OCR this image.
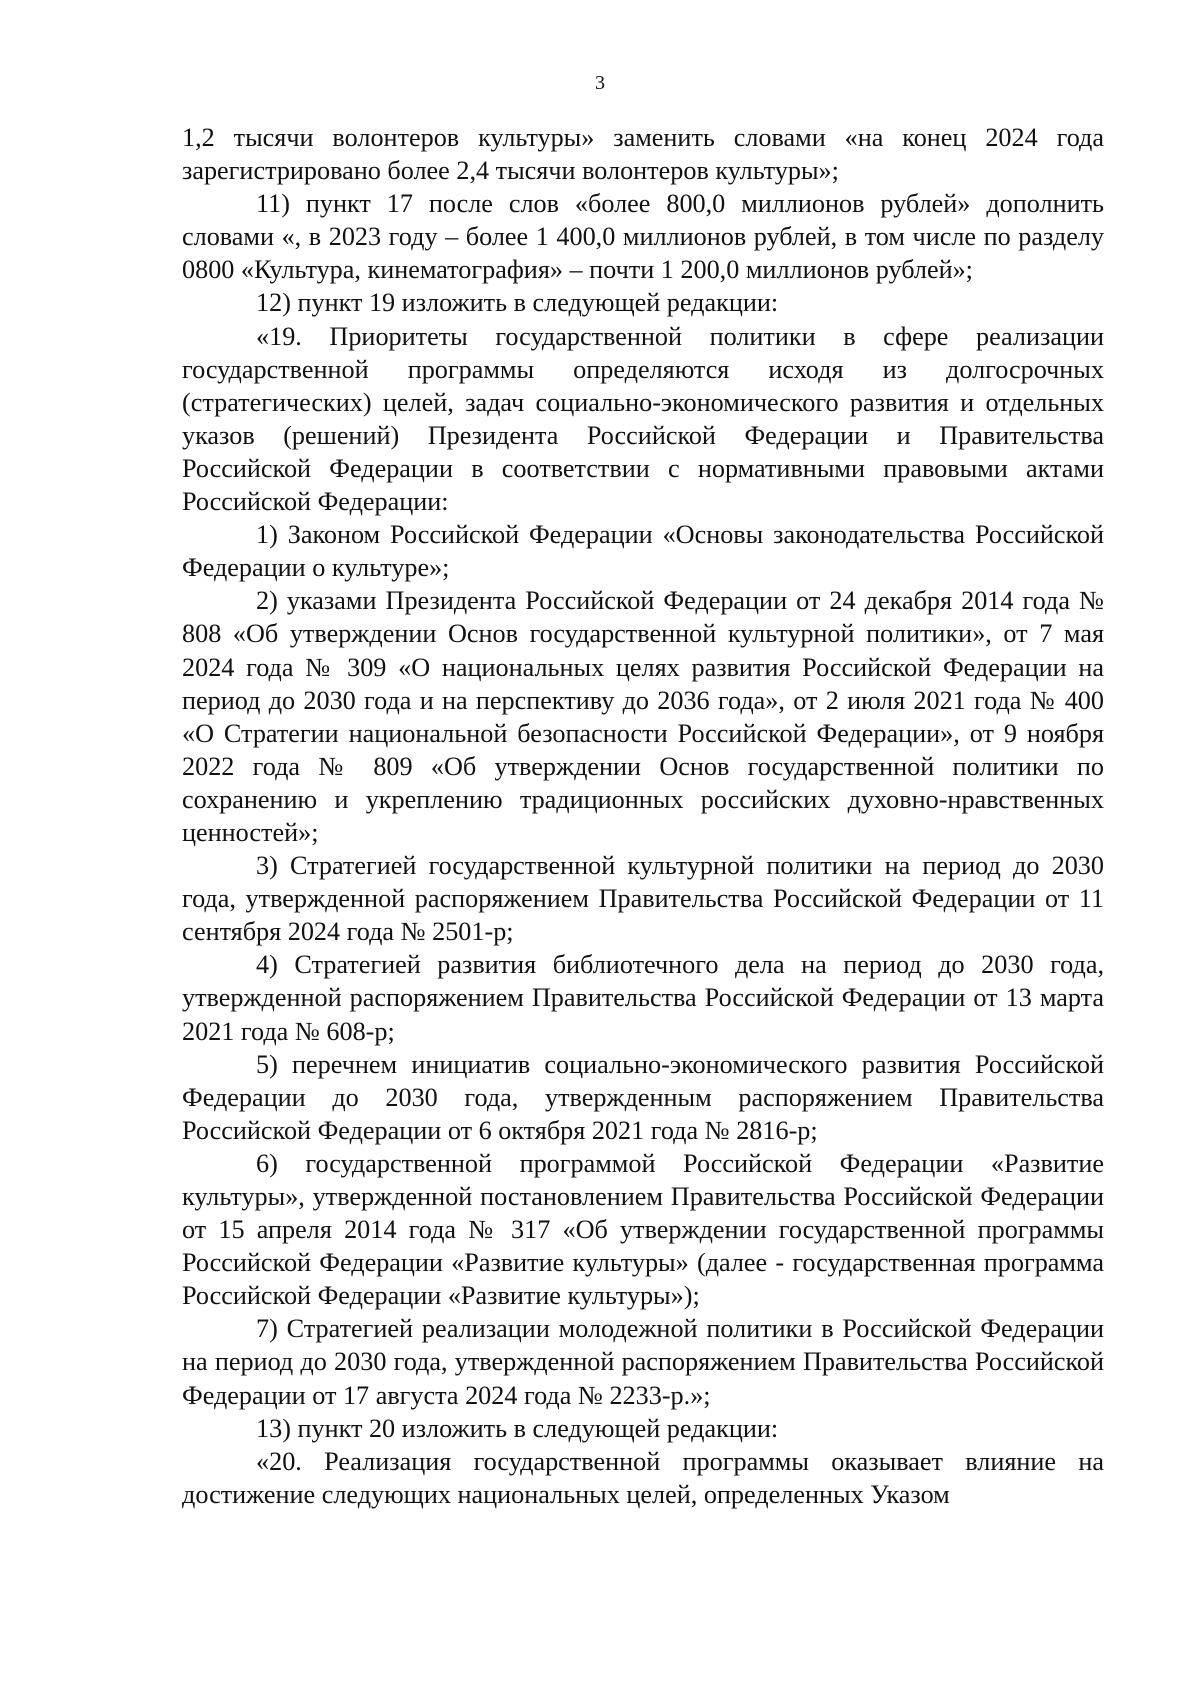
3

1,2 тысячи волонтеров культуры» заменить словами «на конец 2024 года зарегистрировано более 2,4 тысячи волонтеров культуры»;

11) пункт 17 после слов «более 800,0 миллионов рублей» дополнить словами «, в 2023 году – более 1 400,0 миллионов рублей, в том числе по разделу 0800 «Культура, кинематография» – почти 1 200,0 миллионов рублей»;

12) пункт 19 изложить в следующей редакции:

«19. Приоритеты государственной политики в сфере реализации государственной программы определяются исходя из долгосрочных (стратегических) целей, задач социально-экономического развития и отдельных указов (решений) Президента Российской Федерации и Правительства Российской Федерации в соответствии с нормативными правовыми актами Российской Федерации:

1) Законом Российской Федерации «Основы законодательства Российской Федерации о культуре»;

2) указами Президента Российской Федерации от 24 декабря 2014 года № 808 «Об утверждении Основ государственной культурной политики», от 7 мая 2024 года № 309 «О национальных целях развития Российской Федерации на период до 2030 года и на перспективу до 2036 года», от 2 июля 2021 года № 400 «О Стратегии национальной безопасности Российской Федерации», от 9 ноября 2022 года № 809 «Об утверждении Основ государственной политики по сохранению и укреплению традиционных российских духовно-нравственных ценностей»;

3) Стратегией государственной культурной политики на период до 2030 года, утвержденной распоряжением Правительства Российской Федерации от 11 сентября 2024 года № 2501-р;

4) Стратегией развития библиотечного дела на период до 2030 года, утвержденной распоряжением Правительства Российской Федерации от 13 марта 2021 года № 608-р;

5) перечнем инициатив социально-экономического развития Российской Федерации до 2030 года, утвержденным распоряжением Правительства Российской Федерации от 6 октября 2021 года № 2816-р;

6) государственной программой Российской Федерации «Развитие культуры», утвержденной постановлением Правительства Российской Федерации от 15 апреля 2014 года № 317 «Об утверждении государственной программы Российской Федерации «Развитие культуры» (далее - государственная программа Российской Федерации «Развитие культуры»);

7) Стратегией реализации молодежной политики в Российской Федерации на период до 2030 года, утвержденной распоряжением Правительства Российской Федерации от 17 августа 2024 года № 2233-р.»;

13) пункт 20 изложить в следующей редакции:

«20. Реализация государственной программы оказывает влияние на достижение следующих национальных целей, определенных Указом
